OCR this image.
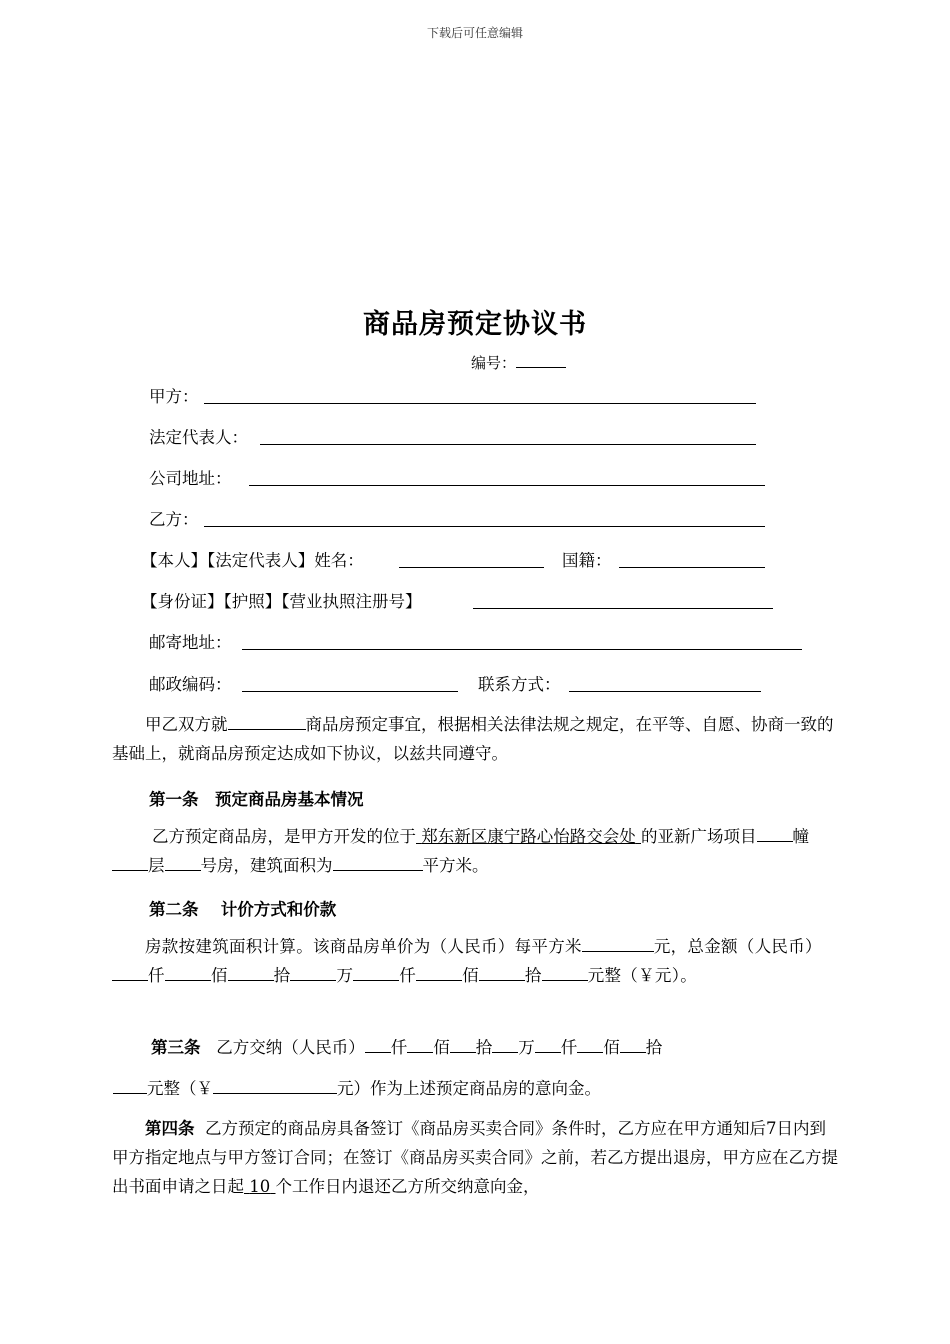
下载后可任意编辑
商品房预定协议书
编号：
甲方：
法定代表人：
公司地址：
乙方：
【本人】【法定代表人】姓名：	国籍：
【身份证】【护照】【营业执照注册号】
邮寄地址：
邮政编码：	联系方式：
甲乙双方就	商品房预定事宜，根据相关法律法规之规定，在平等、自愿、协商一致的基础上，就商品房预定达成如下协议，以兹共同遵守。
第一条　预定商品房基本情况
乙方预定商品房，是甲方开发的位于 郑东新区康宁路心怡路交会处 的亚新广场项目 幢层 号房，建筑面积为	平方米。
第二条　 计价方式和价款
房款按建筑面积计算。该商品房单价为（人民币）每平方米	元，总金额（人民币）仟	佰	拾	万	仟	佰	拾	元整（￥元）。
第三条 乙方交纳（人民币） 仟 佰 拾 万 仟 佰 拾
元整（￥	元）作为上述预定商品房的意向金。
第四条 乙方预定的商品房具备签订《商品房买卖合同》条件时，乙方应在甲方通知后7日内到甲方指定地点与甲方签订合同；在签订《商品房买卖合同》之前，若乙方提出退房，甲方应在乙方提出书面申请之日起 10 个工作日内退还乙方所交纳意向金，
